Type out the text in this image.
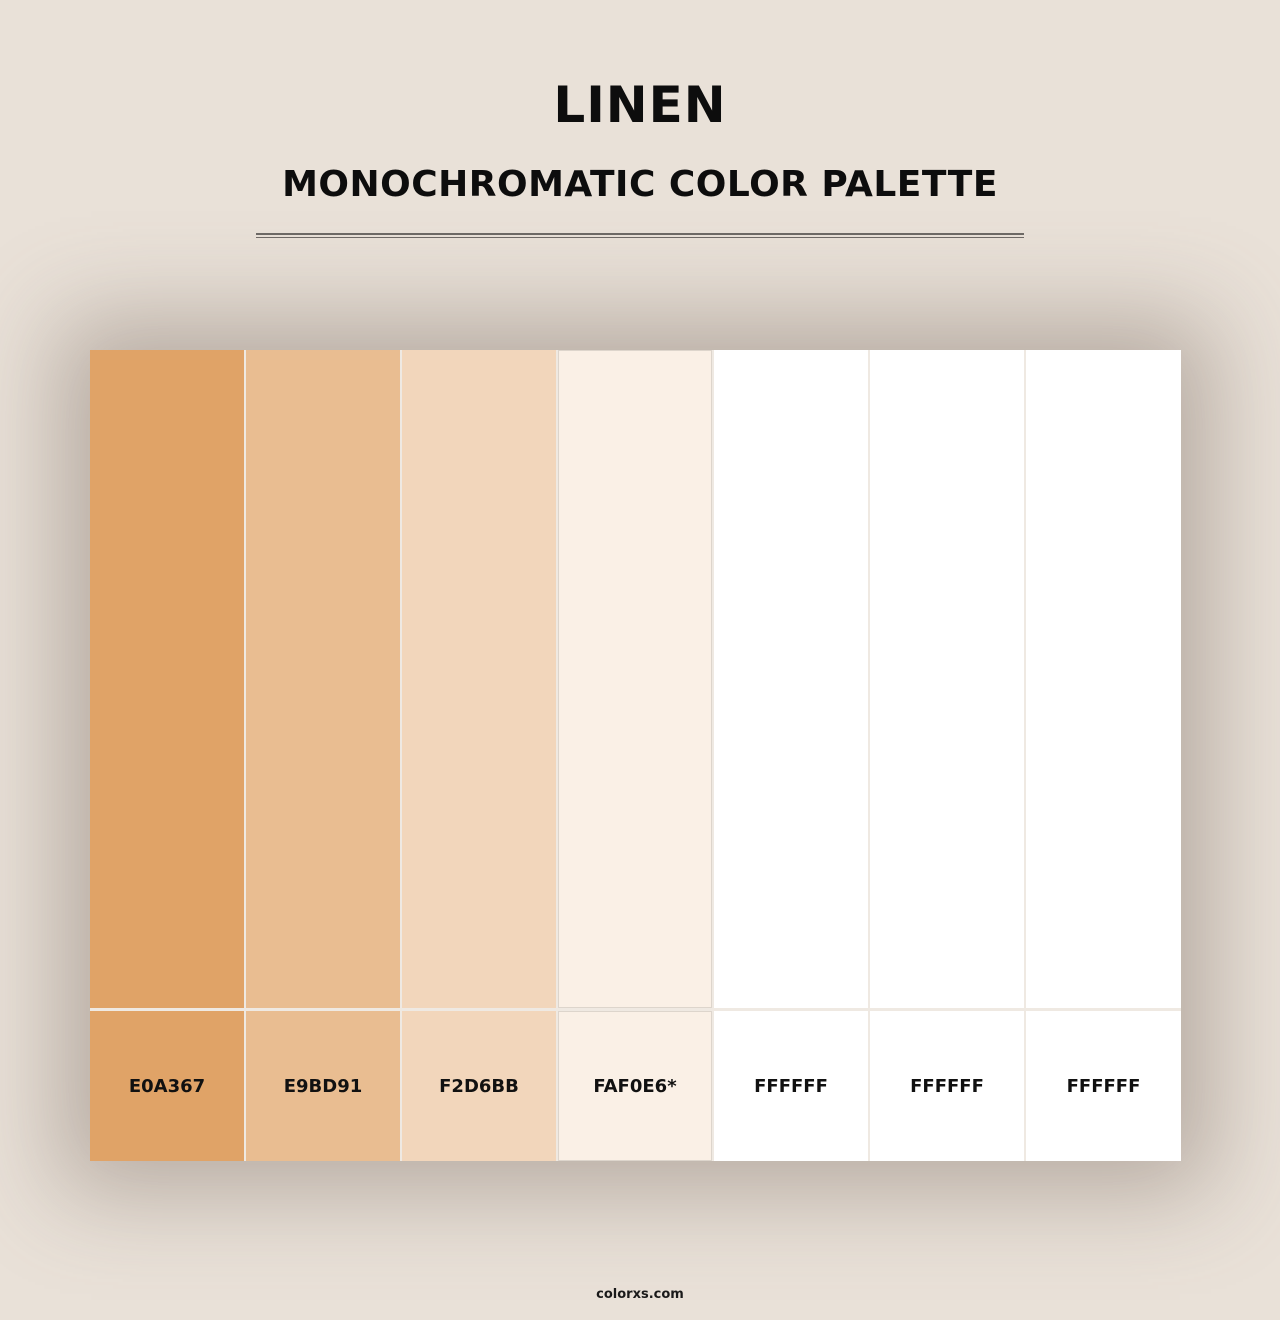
LINEN
MONOCHROMATIC COLOR PALETTE
E0A367	E9BD91	F2D6BB	FAF0E6*	FFFFFF	FFFFFF	FFFFFF
colorxs.com
